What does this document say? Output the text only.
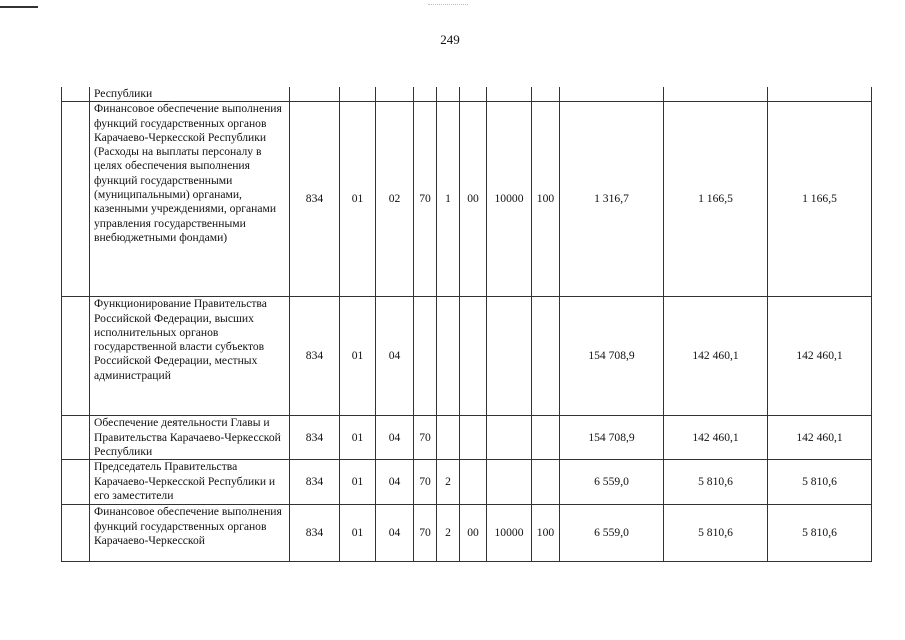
249
	Республики											
	Финансовое обеспечение выполнения функций государственных органов Карачаево-Черкесской Республики (Расходы на выплаты персоналу в целях обеспечения выполнения функций государственными (муниципальными) органами, казенными учреждениями, органами управления государственными внебюджетными фондами)	834	01	02	70	1	00	10000	100	1 316,7	1 166,5	1 166,5
	Функционирование Правительства Российской Федерации, высших исполнительных органов государственной власти субъектов Российской Федерации, местных администраций	834	01	04						154 708,9	142 460,1	142 460,1
	Обеспечение деятельности Главы и Правительства Карачаево-Черкесской Республики	834	01	04	70					154 708,9	142 460,1	142 460,1
	Председатель Правительства Карачаево-Черкесской Республики и его заместители	834	01	04	70	2				6 559,0	5 810,6	5 810,6
	Финансовое обеспечение выполнения функций государственных органов Карачаево-Черкесской	834	01	04	70	2	00	10000	100	6 559,0	5 810,6	5 810,6
